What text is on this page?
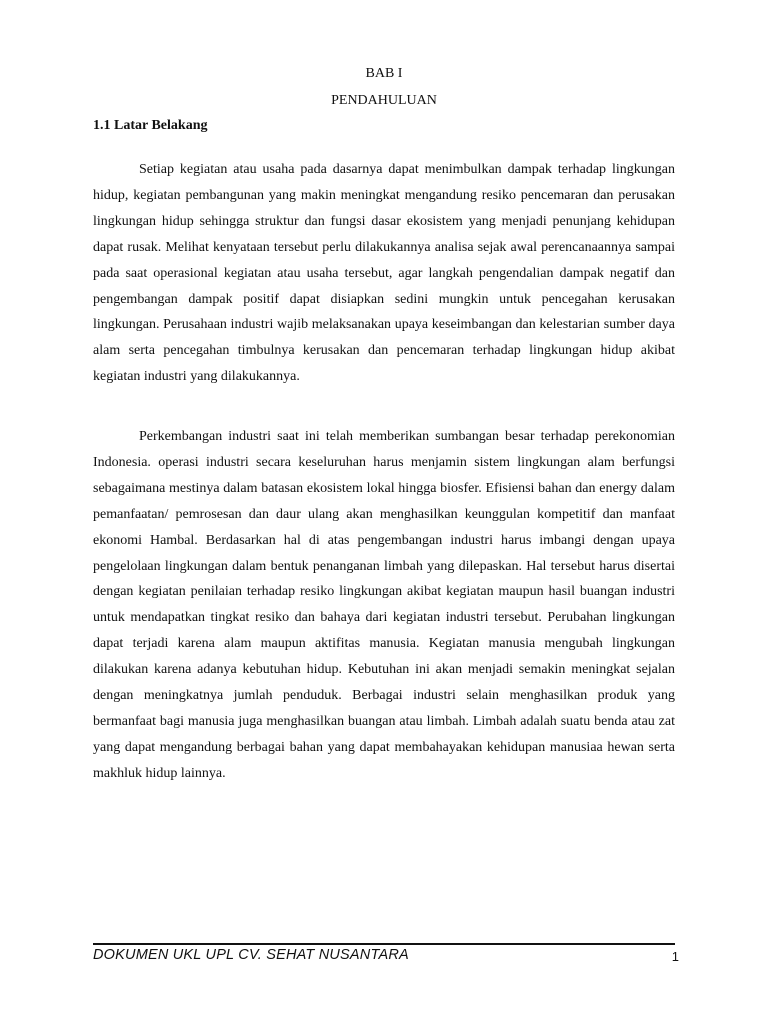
BAB I
PENDAHULUAN
1.1 Latar Belakang

Setiap kegiatan atau usaha pada dasarnya dapat menimbulkan dampak terhadap lingkungan hidup, kegiatan pembangunan yang makin meningkat mengandung resiko pencemaran dan perusakan lingkungan hidup sehingga struktur dan fungsi dasar ekosistem yang menjadi penunjang kehidupan dapat rusak. Melihat kenyataan tersebut perlu dilakukannya analisa sejak awal perencanaannya sampai pada saat operasional kegiatan atau usaha tersebut, agar langkah pengendalian dampak negatif dan pengembangan dampak positif dapat disiapkan sedini mungkin untuk pencegahan kerusakan lingkungan. Perusahaan industri wajib melaksanakan upaya keseimbangan dan kelestarian sumber daya alam serta pencegahan timbulnya kerusakan dan pencemaran terhadap lingkungan hidup akibat kegiatan industri yang dilakukannya.

Perkembangan industri saat ini telah memberikan sumbangan besar terhadap perekonomian Indonesia. operasi industri secara keseluruhan harus menjamin sistem lingkungan alam berfungsi sebagaimana mestinya dalam batasan ekosistem lokal hingga biosfer. Efisiensi bahan dan energy dalam pemanfaatan/ pemrosesan dan daur ulang akan menghasilkan keunggulan kompetitif dan manfaat ekonomi Hambal. Berdasarkan hal di atas pengembangan industri harus imbangi dengan upaya pengelolaan lingkungan dalam bentuk penanganan limbah yang dilepaskan. Hal tersebut harus disertai dengan kegiatan penilaian terhadap resiko lingkungan akibat kegiatan maupun hasil buangan industri untuk mendapatkan tingkat resiko dan bahaya dari kegiatan industri tersebut. Perubahan lingkungan dapat terjadi karena alam maupun aktifitas manusia. Kegiatan manusia mengubah lingkungan dilakukan karena adanya kebutuhan hidup. Kebutuhan ini akan menjadi semakin meningkat sejalan dengan meningkatnya jumlah penduduk. Berbagai industri selain menghasilkan produk yang bermanfaat bagi manusia juga menghasilkan buangan atau limbah. Limbah adalah suatu benda atau zat yang dapat mengandung berbagai bahan yang dapat membahayakan kehidupan manusiaa hewan serta makhluk hidup lainnya.

DOKUMEN UKL UPL CV. SEHAT NUSANTARA	1
